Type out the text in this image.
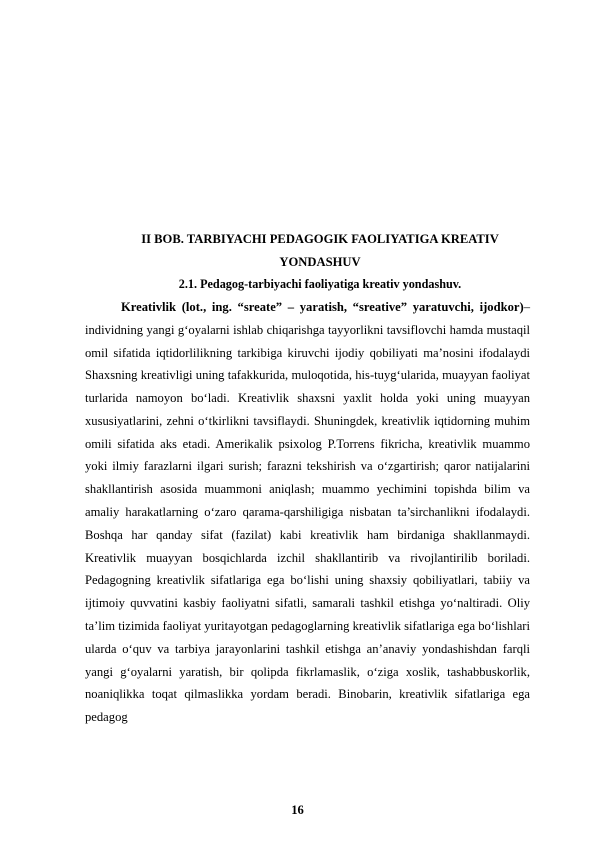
II BOB. TARBIYACHI PEDAGOGIK FAOLIYATIGA KREATIV YONDASHUV
2.1. Pedagog-tarbiyachi faoliyatiga kreativ yondashuv.

Kreativlik (lot., ing. “sreate” – yaratish, “sreative” yaratuvchi, ijodkor)–individning yangi g‘oyalarni ishlab chiqarishga tayyorlikni tavsiflovchi hamda mustaqil omil sifatida iqtidorlilikning tarkibiga kiruvchi ijodiy qobiliyati ma’nosini ifodalaydi Shaxsning kreativligi uning tafakkurida, muloqotida, his-tuyg‘ularida, muayyan faoliyat turlarida namoyon bo‘ladi. Kreativlik shaxsni yaxlit holda yoki uning muayyan xususiyatlarini, zehni o‘tkirlikni tavsiflaydi. Shuningdek, kreativlik iqtidorning muhim omili sifatida aks etadi. Amerikalik psixolog P.Torrens fikricha, kreativlik muammo yoki ilmiy farazlarni ilgari surish; farazni tekshirish va o‘zgartirish; qaror natijalarini shakllantirish asosida muammoni aniqlash; muammo yechimini topishda bilim va amaliy harakatlarning o‘zaro qarama-qarshiligiga nisbatan ta’sirchanlikni ifodalaydi. Boshqa har qanday sifat (fazilat) kabi kreativlik ham birdaniga shakllanmaydi. Kreativlik muayyan bosqichlarda izchil shakllantirib va rivojlantirilib boriladi. Pedagogning kreativlik sifatlariga ega bo‘lishi uning shaxsiy qobiliyatlari, tabiiy va ijtimoiy quvvatini kasbiy faoliyatni sifatli, samarali tashkil etishga yo‘naltiradi. Oliy ta’lim tizimida faoliyat yuritayotgan pedagoglarning kreativlik sifatlariga ega bo‘lishlari ularda o‘quv va tarbiya jarayonlarini tashkil etishga an’anaviy yondashishdan farqli yangi g‘oyalarni yaratish, bir qolipda fikrlamaslik, o‘ziga xoslik, tashabbuskorlik, noaniqlikka toqat qilmaslikka yordam beradi. Binobarin, kreativlik sifatlariga ega pedagog

16
